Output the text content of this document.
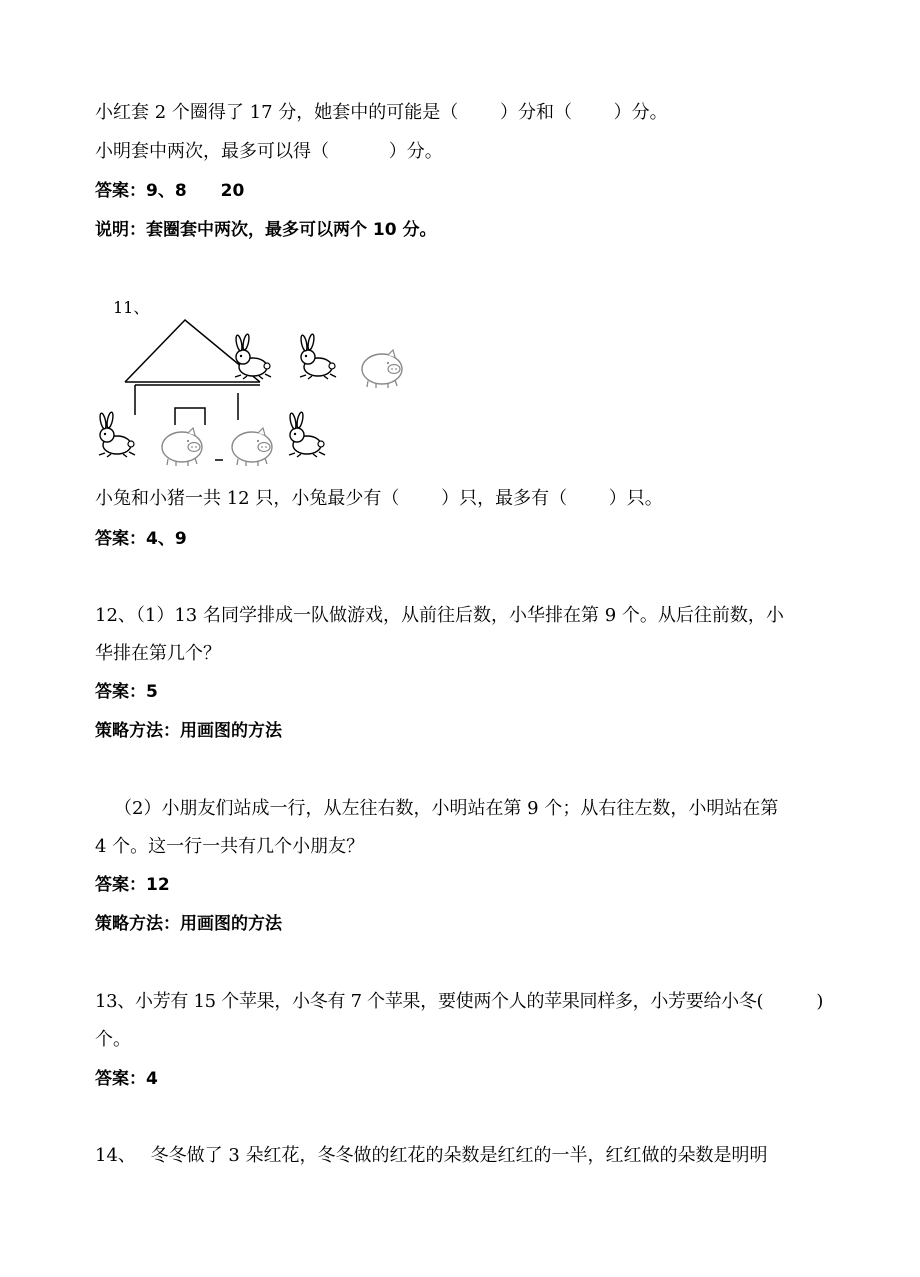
小红套 2 个圈得了 17 分，她套中的可能是（　　 ）分和（　　 ）分。
小明套中两次，最多可以得（　　 　）分。
答案：9、8　　20
说明：套圈套中两次，最多可以两个 10 分。
11、
小兔和小猪一共 12 只，小兔最少有（　　 ）只，最多有（　　 ）只。
答案：4、9
12、（1）13 名同学排成一队做游戏，从前往后数，小华排在第 9 个。从后往前数，小
华排在第几个？
答案：5
策略方法：用画图的方法
（2）小朋友们站成一行，从左往右数，小明站在第 9 个；从右往左数，小明站在第
4 个。这一行一共有几个小朋友？
答案：12
策略方法：用画图的方法
13、小芳有 15 个苹果，小冬有 7 个苹果，要使两个人的苹果同样多，小芳要给小冬(　　　)
个。
答案：4
14、　 冬冬做了 3 朵红花，冬冬做的红花的朵数是红红的一半，红红做的朵数是明明
